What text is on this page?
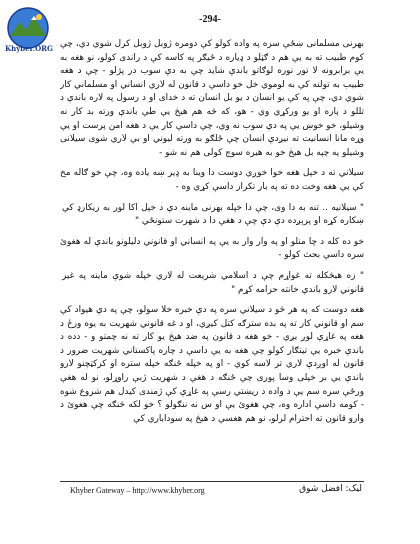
Khyber.ORG
-294-

بهرنی مسلمانی ښځې سره په واده کولو کې دومره ژوبل ژوبل کرل شوي دي، چې کوم طبیب ته به یې هم د ګټلو د ډیاره د ځیګر په کاسه کې د راندی کولو، نو هغه به یې برابرونه لا تور نوره لوګاتو باندې شاید چې به دې سوب در پژلو - چې د هغه طبیب به تولنه کې به لوموي خل خو داسې د قانون له لاري انساني او مسلماني کار شوي دي، چې په کې یو انسان د یو بل انسان ته د خدای او د رسول په لاره باندې د تللو د پاره او یو ورکړي وي - هو، که څه هم هیڅ یې طې باندې ورته بد کار نه وشیلو، خو خوښ یې په دې سوب نه وي، چې داسې کار یې د هغه امن پرست او یې وړه مانا انسانیت ته نیږدې انسان چې ځلګو به ورته لیوني او بې لاري شوی سیلانی وشیلو په چپه بل هیڅ خو به هیره سوچ کولی هم نه شو -

سیلاني ته د خپل هغه خوا خوږي دوست دا وینا به ډیر ښه یاده وه، چې خو ګاله مخ کې یې هغه وخت ده ته په بار تکرار داسې کړي وه -

" سیلانیه .. تنه به دا وی، چې دا خپله بهرنی ماینه دې د خپل اکا لور به ریکارډ کې ښکاره کړه او پرېږده دې دې چې د هغې دا د شهرت ستونځي "

خو ده کله د چا منلو او په وار وار به یې په انساني او قانوني دلیلونو باندې له هغوئ سره داسې بحث کولو -

" زه هیڅکله ته غواړم چې د اسلامي شریعت له لاري خپله شوې ماینه په غیر قانوني لارو باندې خانته حرامه کړم "

هغه دوست که په هر څو د سیلاني سره په دې خبره خلا سولو، چې په دې هیواد کې سم او قانوني کار ته په بده سترګه کتل کیږي، او د غه قانوني شهریت به یوه ورځ د هغه په غاړې لوږ یږي - خو هغه د قانون په ضد هیڅ یو کار ته نه چمتو و - دده د باندې خبره یې تیتګار کولو چې هغه به یې داسې د چاره پاکستاني شهریت ضرور د قانون له اوږدې لاري تر لاسه کوي - او په خپله ځنګه خپله ستره او کرکټچنو لارو باندې یې بر خپلی وسا پوری چې ځنګه د هغې د شهریت ژبې راوړلو، نو له هغې ورځې سره سم یې د واده د ریښتي رسې په غاړې کې ژمندی کیدل هم شروع شوه - کومه داسې اداره وه، چې هغوئ یې او س نه ننګولو ؟ خو لکه څنګه چې هغوئ د وارو قانون ته احترام لرلو، نو هم هغسې د هیڅ په سوداباري کې

Khyber Gateway – http://www.khyber.org	لیک: افضل شوق
